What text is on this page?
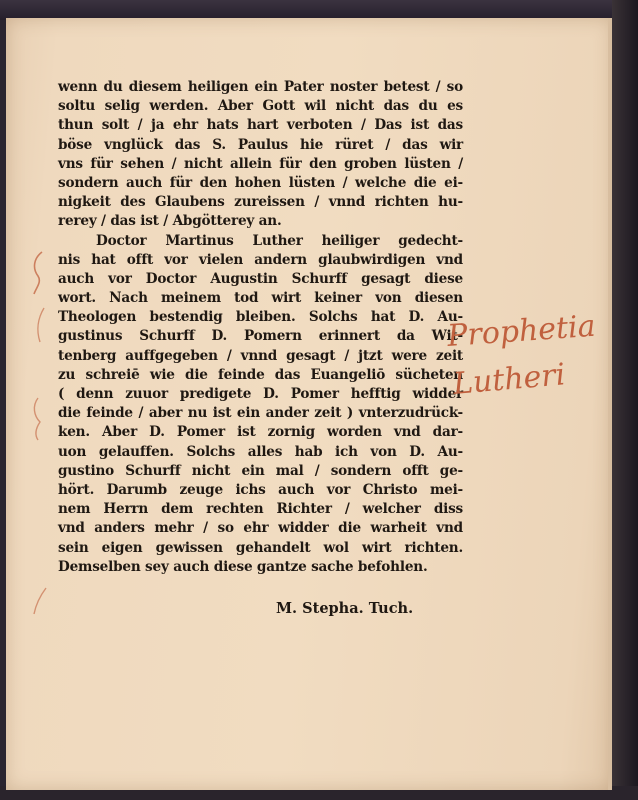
wenn du diesem heiligen ein Pater noster betest / so
soltu selig werden. Aber Gott wil nicht das du es
thun solt / ja ehr hats hart verboten / Das ist das
böse vnglück das S. Paulus hie rüret / das wir
vns für sehen / nicht allein für den groben lüsten /
sondern auch für den hohen lüsten / welche die ei-
nigkeit des Glaubens zureissen / vnnd richten hu-
rerey / das ist / Abgötterey an.
Doctor Martinus Luther heiliger gedecht-
nis hat offt vor vielen andern glaubwirdigen vnd
auch vor Doctor Augustin Schurff gesagt diese
wort. Nach meinem tod wirt keiner von diesen
Theologen bestendig bleiben. Solchs hat D. Au-
gustinus Schurff D. Pomern erinnert da Wit-
tenberg auffgegeben / vnnd gesagt / jtzt were zeit
zu schreiē wie die feinde das Euangeliō sücheten
( denn zuuor predigete D. Pomer hefftig widder
die feinde / aber nu ist ein ander zeit ) vnterzudrück-
ken. Aber D. Pomer ist zornig worden vnd dar-
uon gelauffen. Solchs alles hab ich von D. Au-
gustino Schurff nicht ein mal / sondern offt ge-
hört. Darumb zeuge ichs auch vor Christo mei-
nem Herrn dem rechten Richter / welcher diss
vnd anders mehr / so ehr widder die warheit vnd
sein eigen gewissen gehandelt wol wirt richten.
Demselben sey auch diese gantze sache befohlen.
M. Stepha. Tuch.
Prophetia
Lutheri
